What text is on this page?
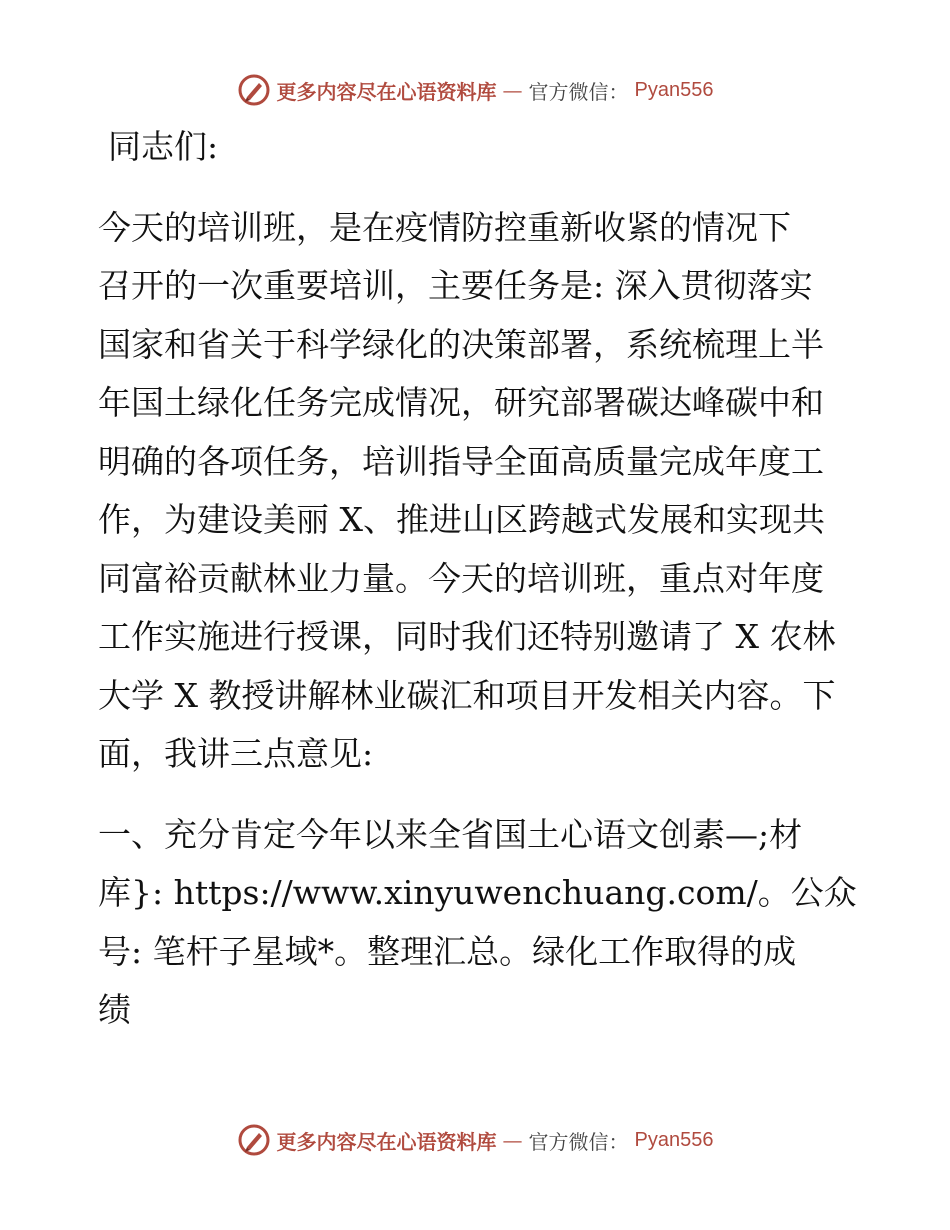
更多内容尽在心语资料库 — 官方微信： Pyan556

同志们:

今天的培训班，是在疫情防控重新收紧的情况下
召开的一次重要培训，主要任务是: 深入贯彻落实
国家和省关于科学绿化的决策部署，系统梳理上半
年国土绿化任务完成情况，研究部署碳达峰碳中和
明确的各项任务，培训指导全面高质量完成年度工
作，为建设美丽 X、推进山区跨越式发展和实现共
同富裕贡献林业力量。今天的培训班，重点对年度
工作实施进行授课，同时我们还特别邀请了 X 农林
大学 X 教授讲解林业碳汇和项目开发相关内容。下
面，我讲三点意见:

一、充分肯定今年以来全省国土心语文创素—;材
库}: https://www.xinyuwenchuang.com/。公众
号: 笔杆子星域*。整理汇总。绿化工作取得的成
绩

更多内容尽在心语资料库 — 官方微信： Pyan556
